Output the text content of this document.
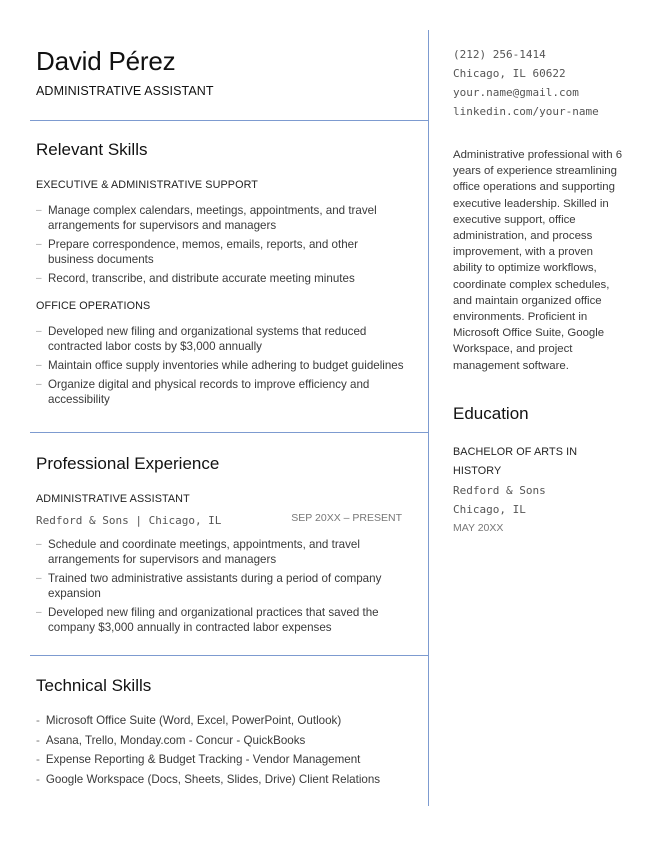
David Pérez
ADMINISTRATIVE ASSISTANT
Relevant Skills
EXECUTIVE & ADMINISTRATIVE SUPPORT
– Manage complex calendars, meetings, appointments, and travel arrangements for supervisors and managers
– Prepare correspondence, memos, emails, reports, and other business documents
– Record, transcribe, and distribute accurate meeting minutes
OFFICE OPERATIONS
– Developed new filing and organizational systems that reduced contracted labor costs by $3,000 annually
– Maintain office supply inventories while adhering to budget guidelines
– Organize digital and physical records to improve efficiency and accessibility
Professional Experience
ADMINISTRATIVE ASSISTANT
Redford & Sons | Chicago, IL	SEP 20XX – PRESENT
– Schedule and coordinate meetings, appointments, and travel arrangements for supervisors and managers
– Trained two administrative assistants during a period of company expansion
– Developed new filing and organizational practices that saved the company $3,000 annually in contracted labor expenses
Technical Skills
- Microsoft Office Suite (Word, Excel, PowerPoint, Outlook)
- Asana, Trello, Monday.com - Concur - QuickBooks
- Expense Reporting & Budget Tracking - Vendor Management
- Google Workspace (Docs, Sheets, Slides, Drive) Client Relations
(212) 256-1414
Chicago, IL 60622
your.name@gmail.com
linkedin.com/your-name
Administrative professional with 6 years of experience streamlining office operations and supporting executive leadership. Skilled in executive support, office administration, and process improvement, with a proven ability to optimize workflows, coordinate complex schedules, and maintain organized office environments. Proficient in Microsoft Office Suite, Google Workspace, and project management software.
Education
BACHELOR OF ARTS IN
HISTORY
Redford & Sons
Chicago, IL
MAY 20XX
